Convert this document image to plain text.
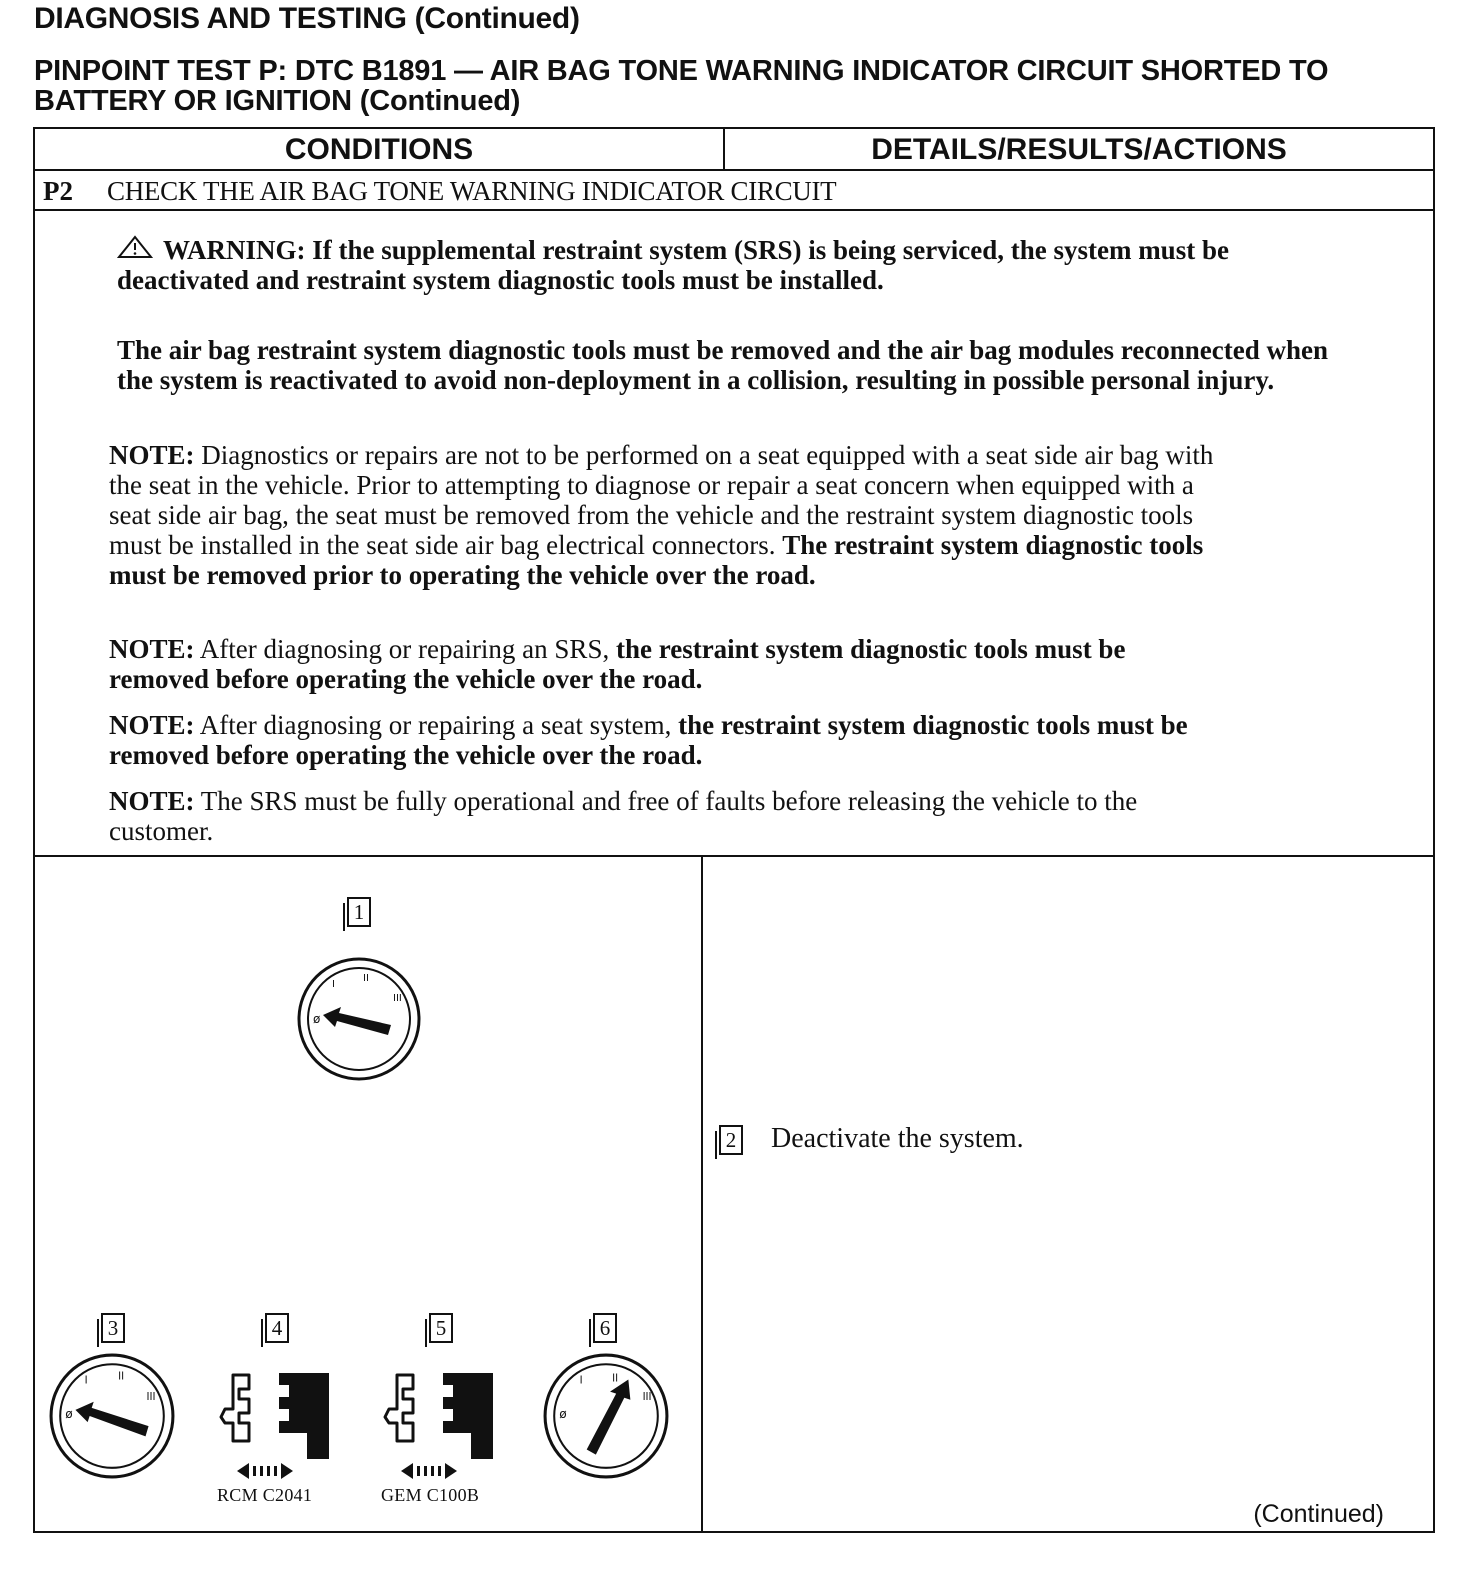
DIAGNOSIS AND TESTING (Continued)
PINPOINT TEST P: DTC B1891 — AIR BAG TONE WARNING INDICATOR CIRCUIT SHORTED TO BATTERY OR IGNITION (Continued)
CONDITIONS	DETAILS/RESULTS/ACTIONS
P2 CHECK THE AIR BAG TONE WARNING INDICATOR CIRCUIT
WARNING: If the supplemental restraint system (SRS) is being serviced, the system must be deactivated and restraint system diagnostic tools must be installed.
The air bag restraint system diagnostic tools must be removed and the air bag modules reconnected when the system is reactivated to avoid non-deployment in a collision, resulting in possible personal injury.
NOTE: Diagnostics or repairs are not to be performed on a seat equipped with a seat side air bag with the seat in the vehicle. Prior to attempting to diagnose or repair a seat concern when equipped with a seat side air bag, the seat must be removed from the vehicle and the restraint system diagnostic tools must be installed in the seat side air bag electrical connectors. The restraint system diagnostic tools must be removed prior to operating the vehicle over the road.
NOTE: After diagnosing or repairing an SRS, the restraint system diagnostic tools must be removed before operating the vehicle over the road.
NOTE: After diagnosing or repairing a seat system, the restraint system diagnostic tools must be removed before operating the vehicle over the road.
NOTE: The SRS must be fully operational and free of faults before releasing the vehicle to the customer.
1
ø
I
II
III
3
ø
I	II
III
4
RCM C2041
5
GEM C100B
6
ø
I	II
III
2 Deactivate the system.
(Continued)
